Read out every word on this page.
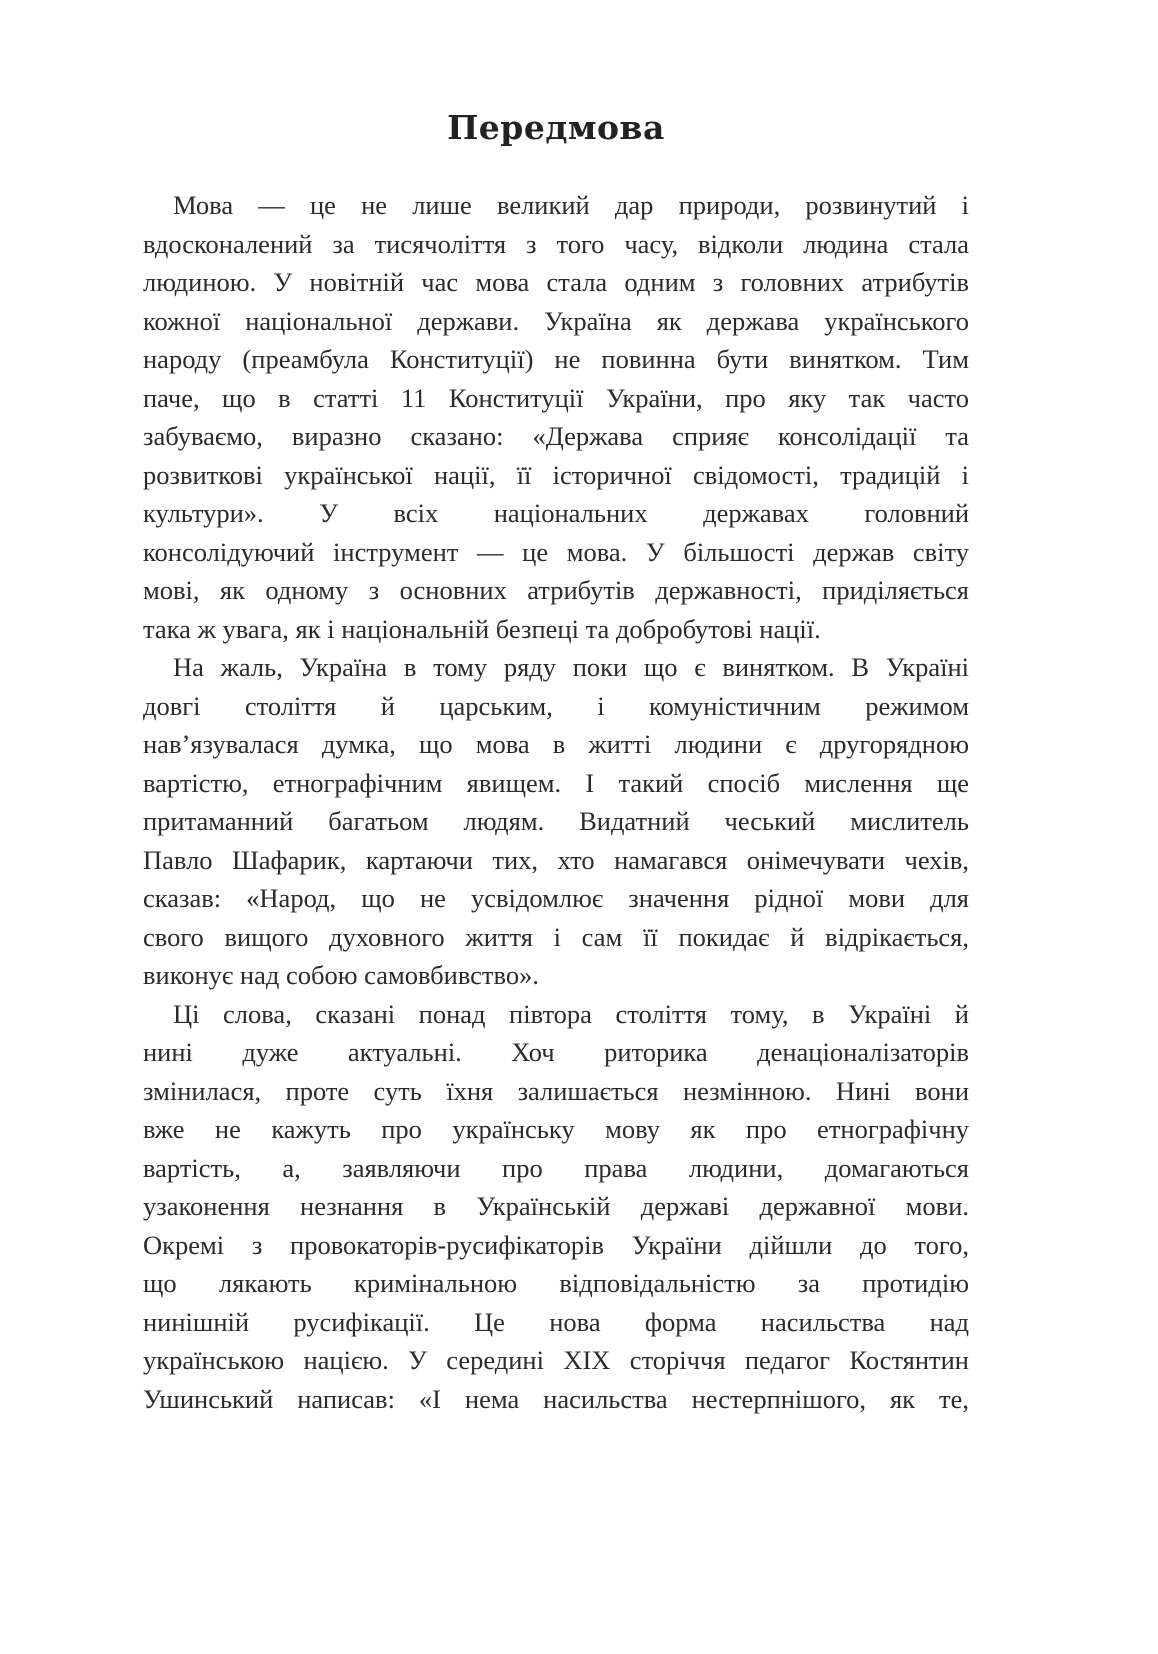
Передмова
Мова — це не лише великий дар природи, розвинутий і
вдосконалений за тисячоліття з того часу, відколи людина стала
людиною. У новітній час мова стала одним з головних атрибутів
кожної національної держави. Україна як держава українського
народу (преамбула Конституції) не повинна бути винятком. Тим
паче, що в статті 11 Конституції України, про яку так часто
забуваємо, виразно сказано: «Держава сприяє консолідації та
розвиткові української нації, її історичної свідомості, традицій і
культури». У всіх національних державах головний
консолідуючий інструмент — це мова. У більшості держав світу
мові, як одному з основних атрибутів державності, приділяється
така ж увага, як і національній безпеці та добробутові нації.
На жаль, Україна в тому ряду поки що є винятком. В Україні
довгі століття й царським, і комуністичним режимом
нав’язувалася думка, що мова в житті людини є другорядною
вартістю, етнографічним явищем. І такий спосіб мислення ще
притаманний багатьом людям. Видатний чеський мислитель
Павло Шафарик, картаючи тих, хто намагався онімечувати чехів,
сказав: «Народ, що не усвідомлює значення рідної мови для
свого вищого духовного життя і сам її покидає й відрікається,
виконує над собою самовбивство».
Ці слова, сказані понад півтора століття тому, в Україні й
нині дуже актуальні. Хоч риторика денаціоналізаторів
змінилася, проте суть їхня залишається незмінною. Нині вони
вже не кажуть про українську мову як про етнографічну
вартість, а, заявляючи про права людини, домагаються
узаконення незнання в Українській державі державної мови.
Окремі з провокаторів-русифікаторів України дійшли до того,
що лякають кримінальною відповідальністю за протидію
нинішній русифікації. Це нова форма насильства над
українською нацією. У середині XIX сторіччя педагог Костянтин
Ушинський написав: «І нема насильства нестерпнішого, як те,
